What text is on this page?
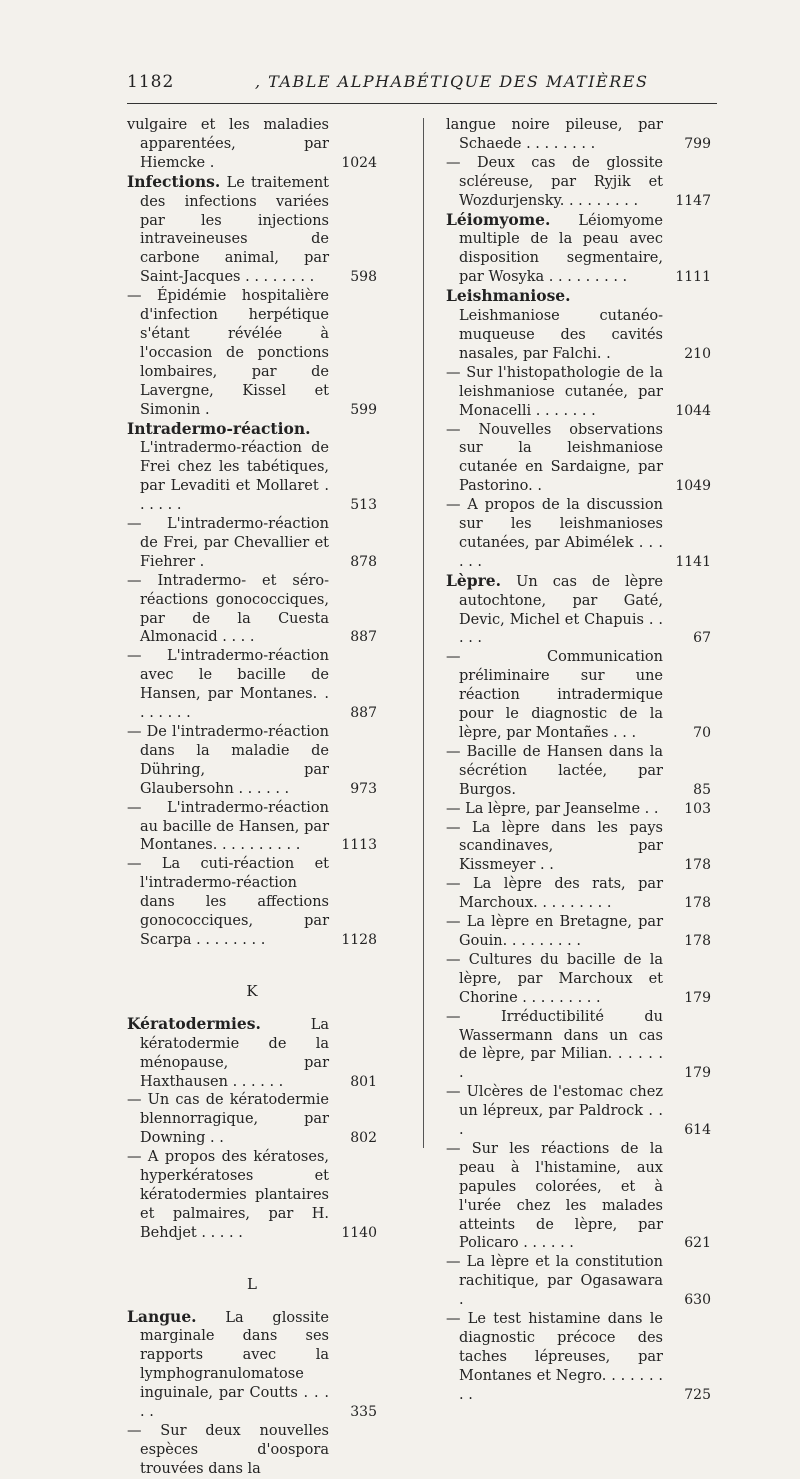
1182	, TABLE ALPHABÉTIQUE DES MATIÈRES
vulgaire et les maladies apparentées, par Hiemcke .	1024
Infections. Le traitement des infections variées par les injections intraveineuses de carbone animal, par Saint-Jacques . . . . . . . .	598
— Épidémie hospitalière d'infection herpétique s'étant révélée à l'occasion de ponctions lombaires, par de Lavergne, Kissel et Simonin .	599
Intradermo-réaction. L'intradermo-réaction de Frei chez les tabétiques, par Levaditi et Mollaret . . . . . .	513
— L'intradermo-réaction de Frei, par Chevallier et Fiehrer .	878
— Intradermo- et séro-réactions gonococciques, par de la Cuesta Almonacid . . . .	887
— L'intradermo-réaction avec le bacille de Hansen, par Montanes. . . . . . . .	887
— De l'intradermo-réaction dans la maladie de Dühring, par Glaubersohn . . . . . .	973
— L'intradermo-réaction au bacille de Hansen, par Montanes. . . . . . . . . .	1113
— La cuti-réaction et l'intradermo-réaction dans les affections gonococciques, par Scarpa . . . . . . . .	1128
K
Kératodermies.	La kératodermie de la ménopause, par Haxthausen . . . . . .	801
— Un cas de kératodermie blennorragique, par Downing . .	802
— A propos des kératoses, hyperkératoses et kératodermies plantaires et palmaires, par H. Behdjet . . . . .	1140
L
Langue. La glossite marginale dans ses rapports avec la lymphogranulomatose inguinale, par Coutts . . . . .	335
— Sur deux nouvelles espèces d'oospora trouvées dans la
langue noire pileuse, par Schaede . . . . . . . .	799
— Deux cas de glossite scléreuse, par Ryjik et Wozdurjensky. . . . . . . . .	1147
Léiomyome. Léiomyome multiple de la peau avec disposition segmentaire, par Wosyka . . . . . . . . .	1111
Leishmaniose. Leishmaniose cutanéo-muqueuse des cavités nasales, par Falchi. .	210
— Sur l'histopathologie de la leishmaniose cutanée, par Monacelli . . . . . . .	1044
— Nouvelles observations sur la leishmaniose cutanée en Sardaigne, par Pastorino. .	1049
— A propos de la discussion sur les leishmanioses cutanées, par Abimélek . . . . . .	1141
Lèpre. Un cas de lèpre autochtone, par Gaté, Devic, Michel et Chapuis . . . . .	67
— Communication préliminaire sur une réaction intradermique pour le diagnostic de la lèpre, par Montañes . . .	70
— Bacille de Hansen dans la sécrétion lactée, par Burgos.	85
— La lèpre, par Jeanselme . . 103
— La lèpre dans les pays scandinaves, par Kissmeyer . .	178
— La lèpre des rats, par Marchoux. . . . . . . . .	178
— La lèpre en Bretagne, par Gouin. . . . . . . . .	178
— Cultures du bacille de la lèpre, par Marchoux et Chorine . . . . . . . . .	179
— Irréductibilité du Wassermann dans un cas de lèpre, par Milian. . . . . . .	179
— Ulcères de l'estomac chez un lépreux, par Paldrock . . .	614
— Sur les réactions de la peau à l'histamine, aux papules colorées, et à l'urée chez les malades atteints de lèpre, par Policaro . . . . . .	621
— La lèpre et la constitution rachitique, par Ogasawara .	630
— Le test histamine dans le diagnostic précoce des taches lépreuses, par Montanes et Negro. . . . . . . . .	725
